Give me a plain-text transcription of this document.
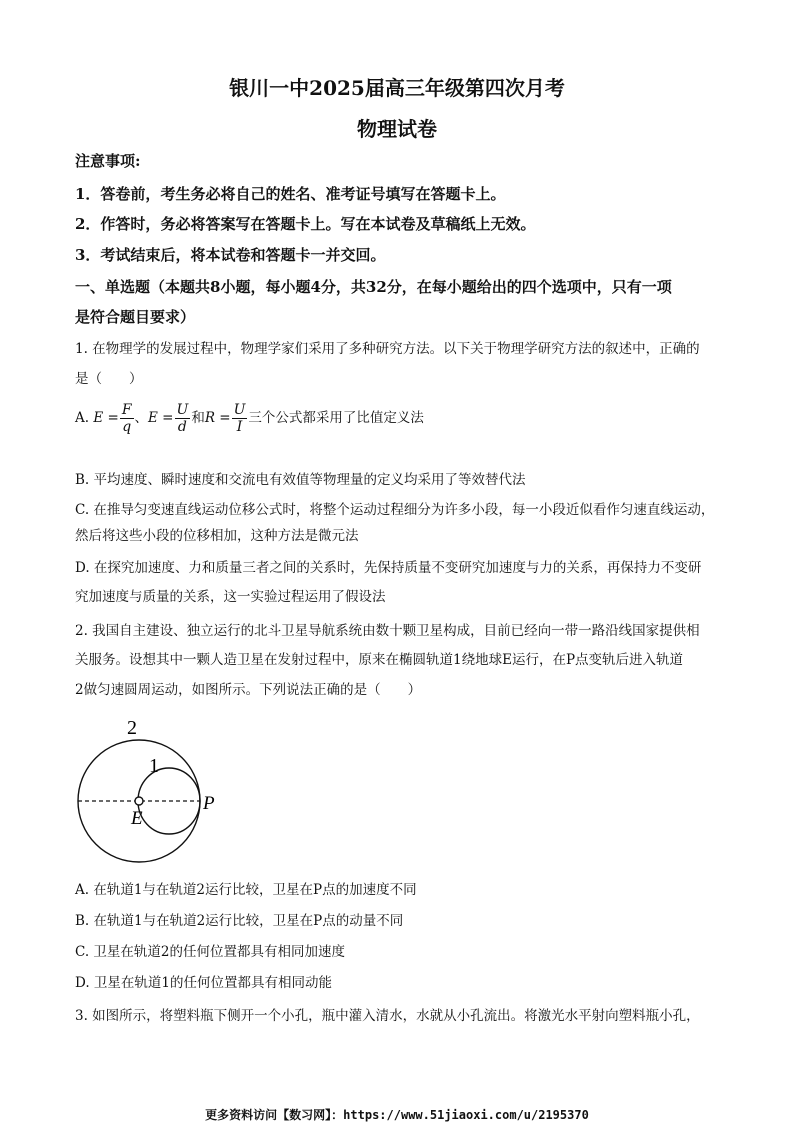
银川一中2025届高三年级第四次月考
物理试卷
注意事项:
1．答卷前，考生务必将自己的姓名、准考证号填写在答题卡上。
2．作答时，务必将答案写在答题卡上。写在本试卷及草稿纸上无效。
3．考试结束后，将本试卷和答题卡一并交回。
一、单选题（本题共8小题，每小题4分，共32分，在每小题给出的四个选项中，只有一项
是符合题目要求）
1. 在物理学的发展过程中，物理学家们采用了多种研究方法。以下关于物理学研究方法的叙述中，正确的
是（　　）
A. $E = \frac{F}{q}$ 、$E = \frac{U}{d}$ 和$R = \frac{U}{I}$ 三个公式都采用了比值定义法
B. 平均速度、瞬时速度和交流电有效值等物理量的定义均采用了等效替代法
C. 在推导匀变速直线运动位移公式时，将整个运动过程细分为许多小段，每一小段近似看作匀速直线运动，
然后将这些小段的位移相加，这种方法是微元法
D. 在探究加速度、力和质量三者之间的关系时，先保持质量不变研究加速度与力的关系，再保持力不变研
究加速度与质量的关系，这一实验过程运用了假设法
2. 我国自主建设、独立运行的北斗卫星导航系统由数十颗卫星构成，目前已经向一带一路沿线国家提供相
关服务。设想其中一颗人造卫星在发射过程中，原来在椭圆轨道1绕地球E运行，在P点变轨后进入轨道
2做匀速圆周运动，如图所示。下列说法正确的是（　　）
2
1
E
P
A. 在轨道1与在轨道2运行比较，卫星在P点的加速度不同
B. 在轨道1与在轨道2运行比较，卫星在P点的动量不同
C. 卫星在轨道2的任何位置都具有相同加速度
D. 卫星在轨道1的任何位置都具有相同动能
3. 如图所示，将塑料瓶下侧开一个小孔，瓶中灌入清水，水就从小孔流出。将激光水平射向塑料瓶小孔，
更多资料访问【数习网】：https://www.51jiaoxi.com/u/2195370
